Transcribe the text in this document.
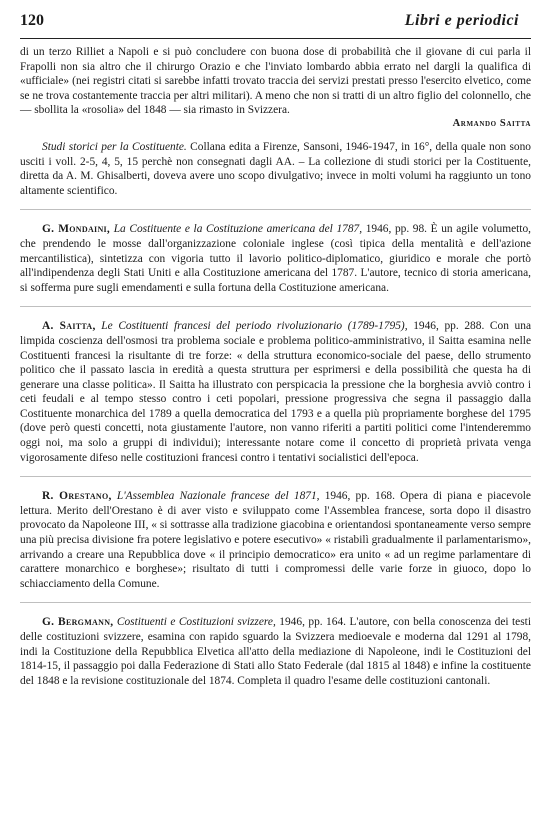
120	Libri e periodici

di un terzo Rilliet a Napoli e si può concludere con buona dose di probabilità che il giovane di cui parla il Frapolli non sia altro che il chirurgo Orazio e che l'inviato lombardo abbia errato nel dargli la qualifica di «ufficiale» (nei registri citati si sarebbe infatti trovato traccia dei servizi prestati presso l'esercito elvetico, come se ne trova costantemente traccia per altri militari). A meno che non si tratti di un altro figlio del colonnello, che — sbollita la «rosolia» del 1848 — sia rimasto in Svizzera.

Armando Saitta

Studi storici per la Costituente. Collana edita a Firenze, Sansoni, 1946-1947, in 16°, della quale non sono usciti i voll. 2-5, 4, 5, 15 perchè non consegnati dagli AA. – La collezione di studi storici per la Costituente, diretta da A. M. Ghisalberti, doveva avere uno scopo divulgativo; invece in molti volumi ha raggiunto un tono altamente scientifico.

G. Mondaini, La Costituente e la Costituzione americana del 1787, 1946, pp. 98. È un agile volumetto, che prendendo le mosse dall'organizzazione coloniale inglese (così tipica della mentalità e dell'azione mercantilistica), sintetizza con vigoria tutto il lavorio politico-diplomatico, giuridico e morale che portò all'indipendenza degli Stati Uniti e alla Costituzione americana del 1787. L'autore, tecnico di storia americana, si sofferma pure sugli emendamenti e sulla fortuna della Costituzione americana.

A. Saitta, Le Costituenti francesi del periodo rivoluzionario (1789-1795), 1946, pp. 288. Con una limpida coscienza dell'osmosi tra problema sociale e problema politico-amministrativo, il Saitta esamina nelle Costituenti francesi la risultante di tre forze: « della struttura economico-sociale del paese, dello strumento politico che il passato lascia in eredità a questa struttura per esprimersi e della possibilità che questa ha di generare una classe politica». Il Saitta ha illustrato con perspicacia la pressione che la borghesia avviò contro i ceti feudali e al tempo stesso contro i ceti popolari, pressione progressiva che segna il passaggio dalla Costituente monarchica del 1789 a quella democratica del 1793 e a quella più propriamente borghese del 1795 (dove però questi concetti, nota giustamente l'autore, non vanno riferiti a partiti politici come l'intenderemmo oggi noi, ma solo a gruppi di individui); interessante notare come il concetto di proprietà privata venga vigorosamente difeso nelle costituzioni francesi contro i tentativi socialistici dell'epoca.

R. Orestano, L'Assemblea Nazionale francese del 1871, 1946, pp. 168. Opera di piana e piacevole lettura. Merito dell'Orestano è di aver visto e sviluppato come l'Assemblea francese, sorta dopo il disastro provocato da Napoleone III, « si sottrasse alla tradizione giacobina e orientandosi spontaneamente verso sempre una più precisa divisione fra potere legislativo e potere esecutivo» « ristabilì gradualmente il parlamentarismo», arrivando a creare una Repubblica dove « il principio democratico» era unito « ad un regime parlamentare di carattere monarchico e borghese»; risultato di tutti i compromessi delle varie forze in giuoco, dopo lo schiacciamento della Comune.

G. Bergmann, Costituenti e Costituzioni svizzere, 1946, pp. 164. L'autore, con bella conoscenza dei testi delle costituzioni svizzere, esamina con rapido sguardo la Svizzera medioevale e moderna dal 1291 al 1798, indi la Costituzione della Repubblica Elvetica all'atto della mediazione di Napoleone, indi le Costituzioni del 1814-15, il passaggio poi dalla Federazione di Stati allo Stato Federale (dal 1815 al 1848) e infine la costituente del 1848 e la revisione costituzionale del 1874. Completa il quadro l'esame delle costituzioni cantonali.
